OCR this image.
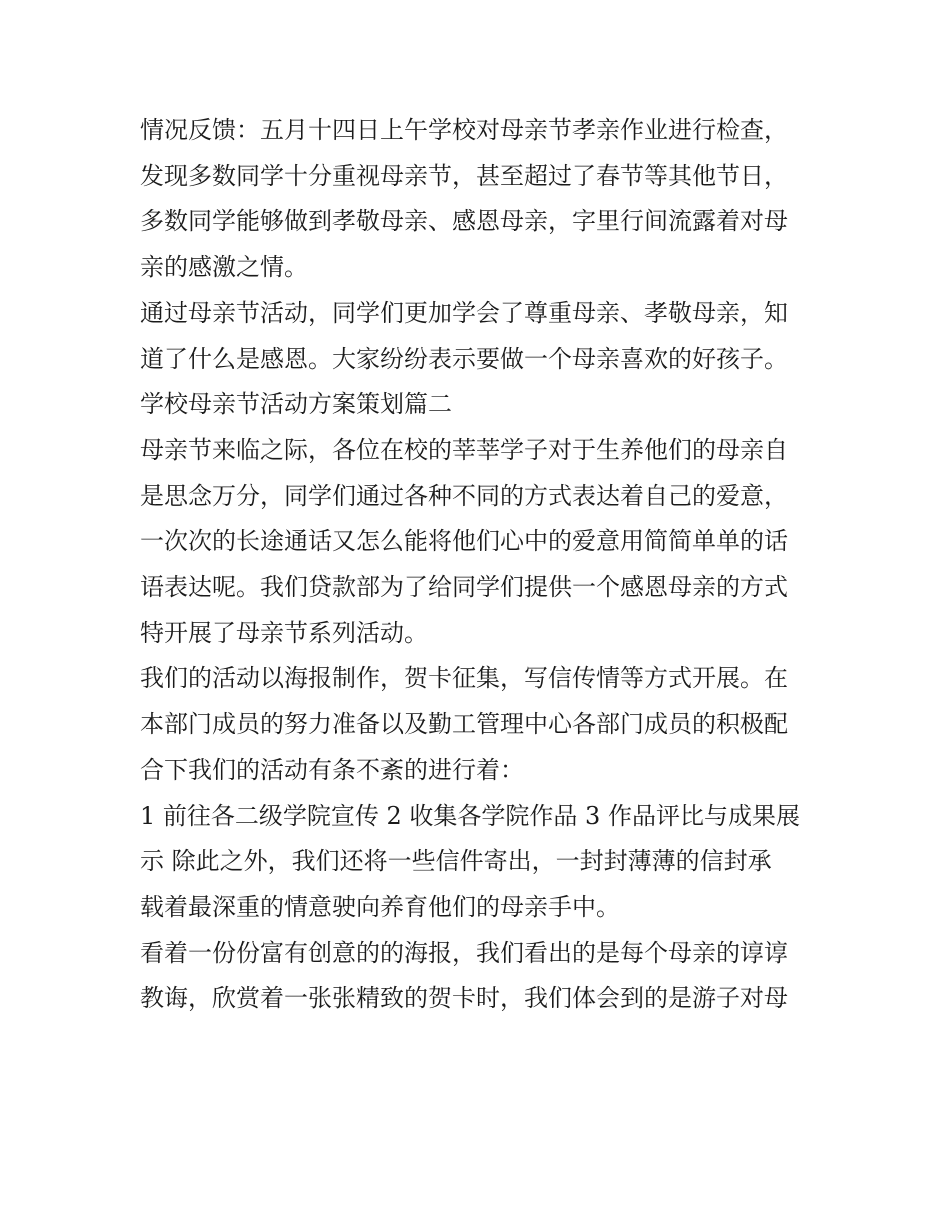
情况反馈：五月十四日上午学校对母亲节孝亲作业进行检查，
发现多数同学十分重视母亲节，甚至超过了春节等其他节日，
多数同学能够做到孝敬母亲、感恩母亲，字里行间流露着对母
亲的感激之情。

通过母亲节活动，同学们更加学会了尊重母亲、孝敬母亲，知
道了什么是感恩。大家纷纷表示要做一个母亲喜欢的好孩子。

学校母亲节活动方案策划篇二

母亲节来临之际，各位在校的莘莘学子对于生养他们的母亲自
是思念万分，同学们通过各种不同的方式表达着自己的爱意，
一次次的长途通话又怎么能将他们心中的爱意用简简单单的话
语表达呢。我们贷款部为了给同学们提供一个感恩母亲的方式
特开展了母亲节系列活动。

我们的活动以海报制作，贺卡征集，写信传情等方式开展。在
本部门成员的努力准备以及勤工管理中心各部门成员的积极配
合下我们的活动有条不紊的进行着：

1 前往各二级学院宣传 2 收集各学院作品 3 作品评比与成果展
示 除此之外，我们还将一些信件寄出，一封封薄薄的信封承
载着最深重的情意驶向养育他们的母亲手中。

看着一份份富有创意的的海报，我们看出的是每个母亲的谆谆
教诲，欣赏着一张张精致的贺卡时，我们体会到的是游子对母
